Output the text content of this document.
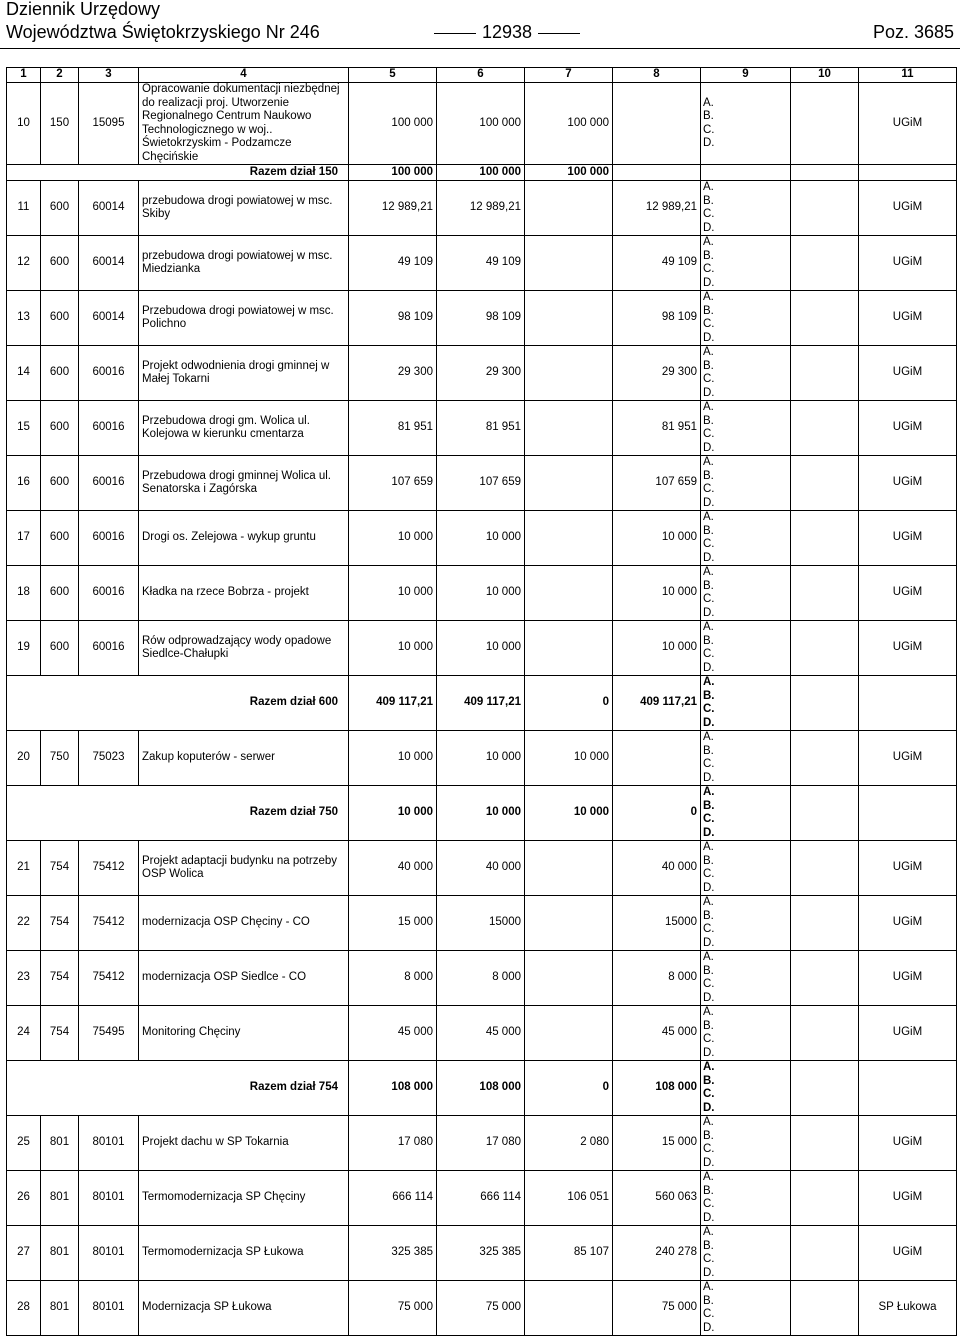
Dziennik Urzędowy
Województwa Świętokrzyskiego Nr 246	12938	Poz. 3685
1	2	3	4	5	6	7	8	9	10	11
10	150	15095	Opracowanie dokumentacji niezbędnej do realizacji proj. Utworzenie Regionalnego Centrum Naukowo Technologicznego w woj.. Świetokrzyskim - Podzamcze Chęcińskie	100 000	100 000	100 000		A.
B.
C.
D.		UGiM
Razem dział 150				100 000	100 000	100 000				
11	600	60014	przebudowa drogi powiatowej w msc. Skiby	12 989,21	12 989,21		12 989,21	A.
B.
C.
D.		UGiM
12	600	60014	przebudowa drogi powiatowej w msc. Miedzianka	49 109	49 109		49 109	A.
B.
C.
D.		UGiM
13	600	60014	Przebudowa drogi powiatowej w msc. Polichno	98 109	98 109		98 109	A.
B.
C.
D.		UGiM
14	600	60016	Projekt odwodnienia drogi gminnej w Małej Tokarni	29 300	29 300		29 300	A.
B.
C.
D.		UGiM
15	600	60016	Przebudowa drogi gm. Wolica ul. Kolejowa w kierunku cmentarza	81 951	81 951		81 951	A.
B.
C.
D.		UGiM
16	600	60016	Przebudowa drogi gminnej Wolica ul. Senatorska i Zagórska	107 659	107 659		107 659	A.
B.
C.
D.		UGiM
17	600	60016	Drogi os. Zelejowa - wykup gruntu	10 000	10 000		10 000	A.
B.
C.
D.		UGiM
18	600	60016	Kładka na rzece Bobrza - projekt	10 000	10 000		10 000	A.
B.
C.
D.		UGiM
19	600	60016	Rów odprowadzający wody opadowe Siedlce-Chałupki	10 000	10 000		10 000	A.
B.
C.
D.		UGiM
Razem dział 600				409 117,21	409 117,21	0	409 117,21	A.
B.
C.
D.		
20	750	75023	Zakup koputerów - serwer	10 000	10 000	10 000		A.
B.
C.
D.		UGiM
Razem dział 750				10 000	10 000	10 000	0	A.
B.
C.
D.		
21	754	75412	Projekt adaptacji budynku na potrzeby OSP Wolica	40 000	40 000		40 000	A.
B.
C.
D.		UGiM
22	754	75412	modernizacja OSP Chęciny - CO	15 000	15000		15000	A.
B.
C.
D.		UGiM
23	754	75412	modernizacja OSP Siedlce - CO	8 000	8 000		8 000	A.
B.
C.
D.		UGiM
24	754	75495	Monitoring Chęciny	45 000	45 000		45 000	A.
B.
C.
D.		UGiM
Razem dział 754				108 000	108 000	0	108 000	A.
B.
C.
D.		
25	801	80101	Projekt dachu w SP Tokarnia	17 080	17 080	2 080	15 000	A.
B.
C.
D.		UGiM
26	801	80101	Termomodernizacja SP Chęciny	666 114	666 114	106 051	560 063	A.
B.
C.
D.		UGiM
27	801	80101	Termomodernizacja SP Łukowa	325 385	325 385	85 107	240 278	A.
B.
C.
D.		UGiM
28	801	80101	Modernizacja SP Łukowa	75 000	75 000		75 000	A.
B.
C.
D.		SP Łukowa
